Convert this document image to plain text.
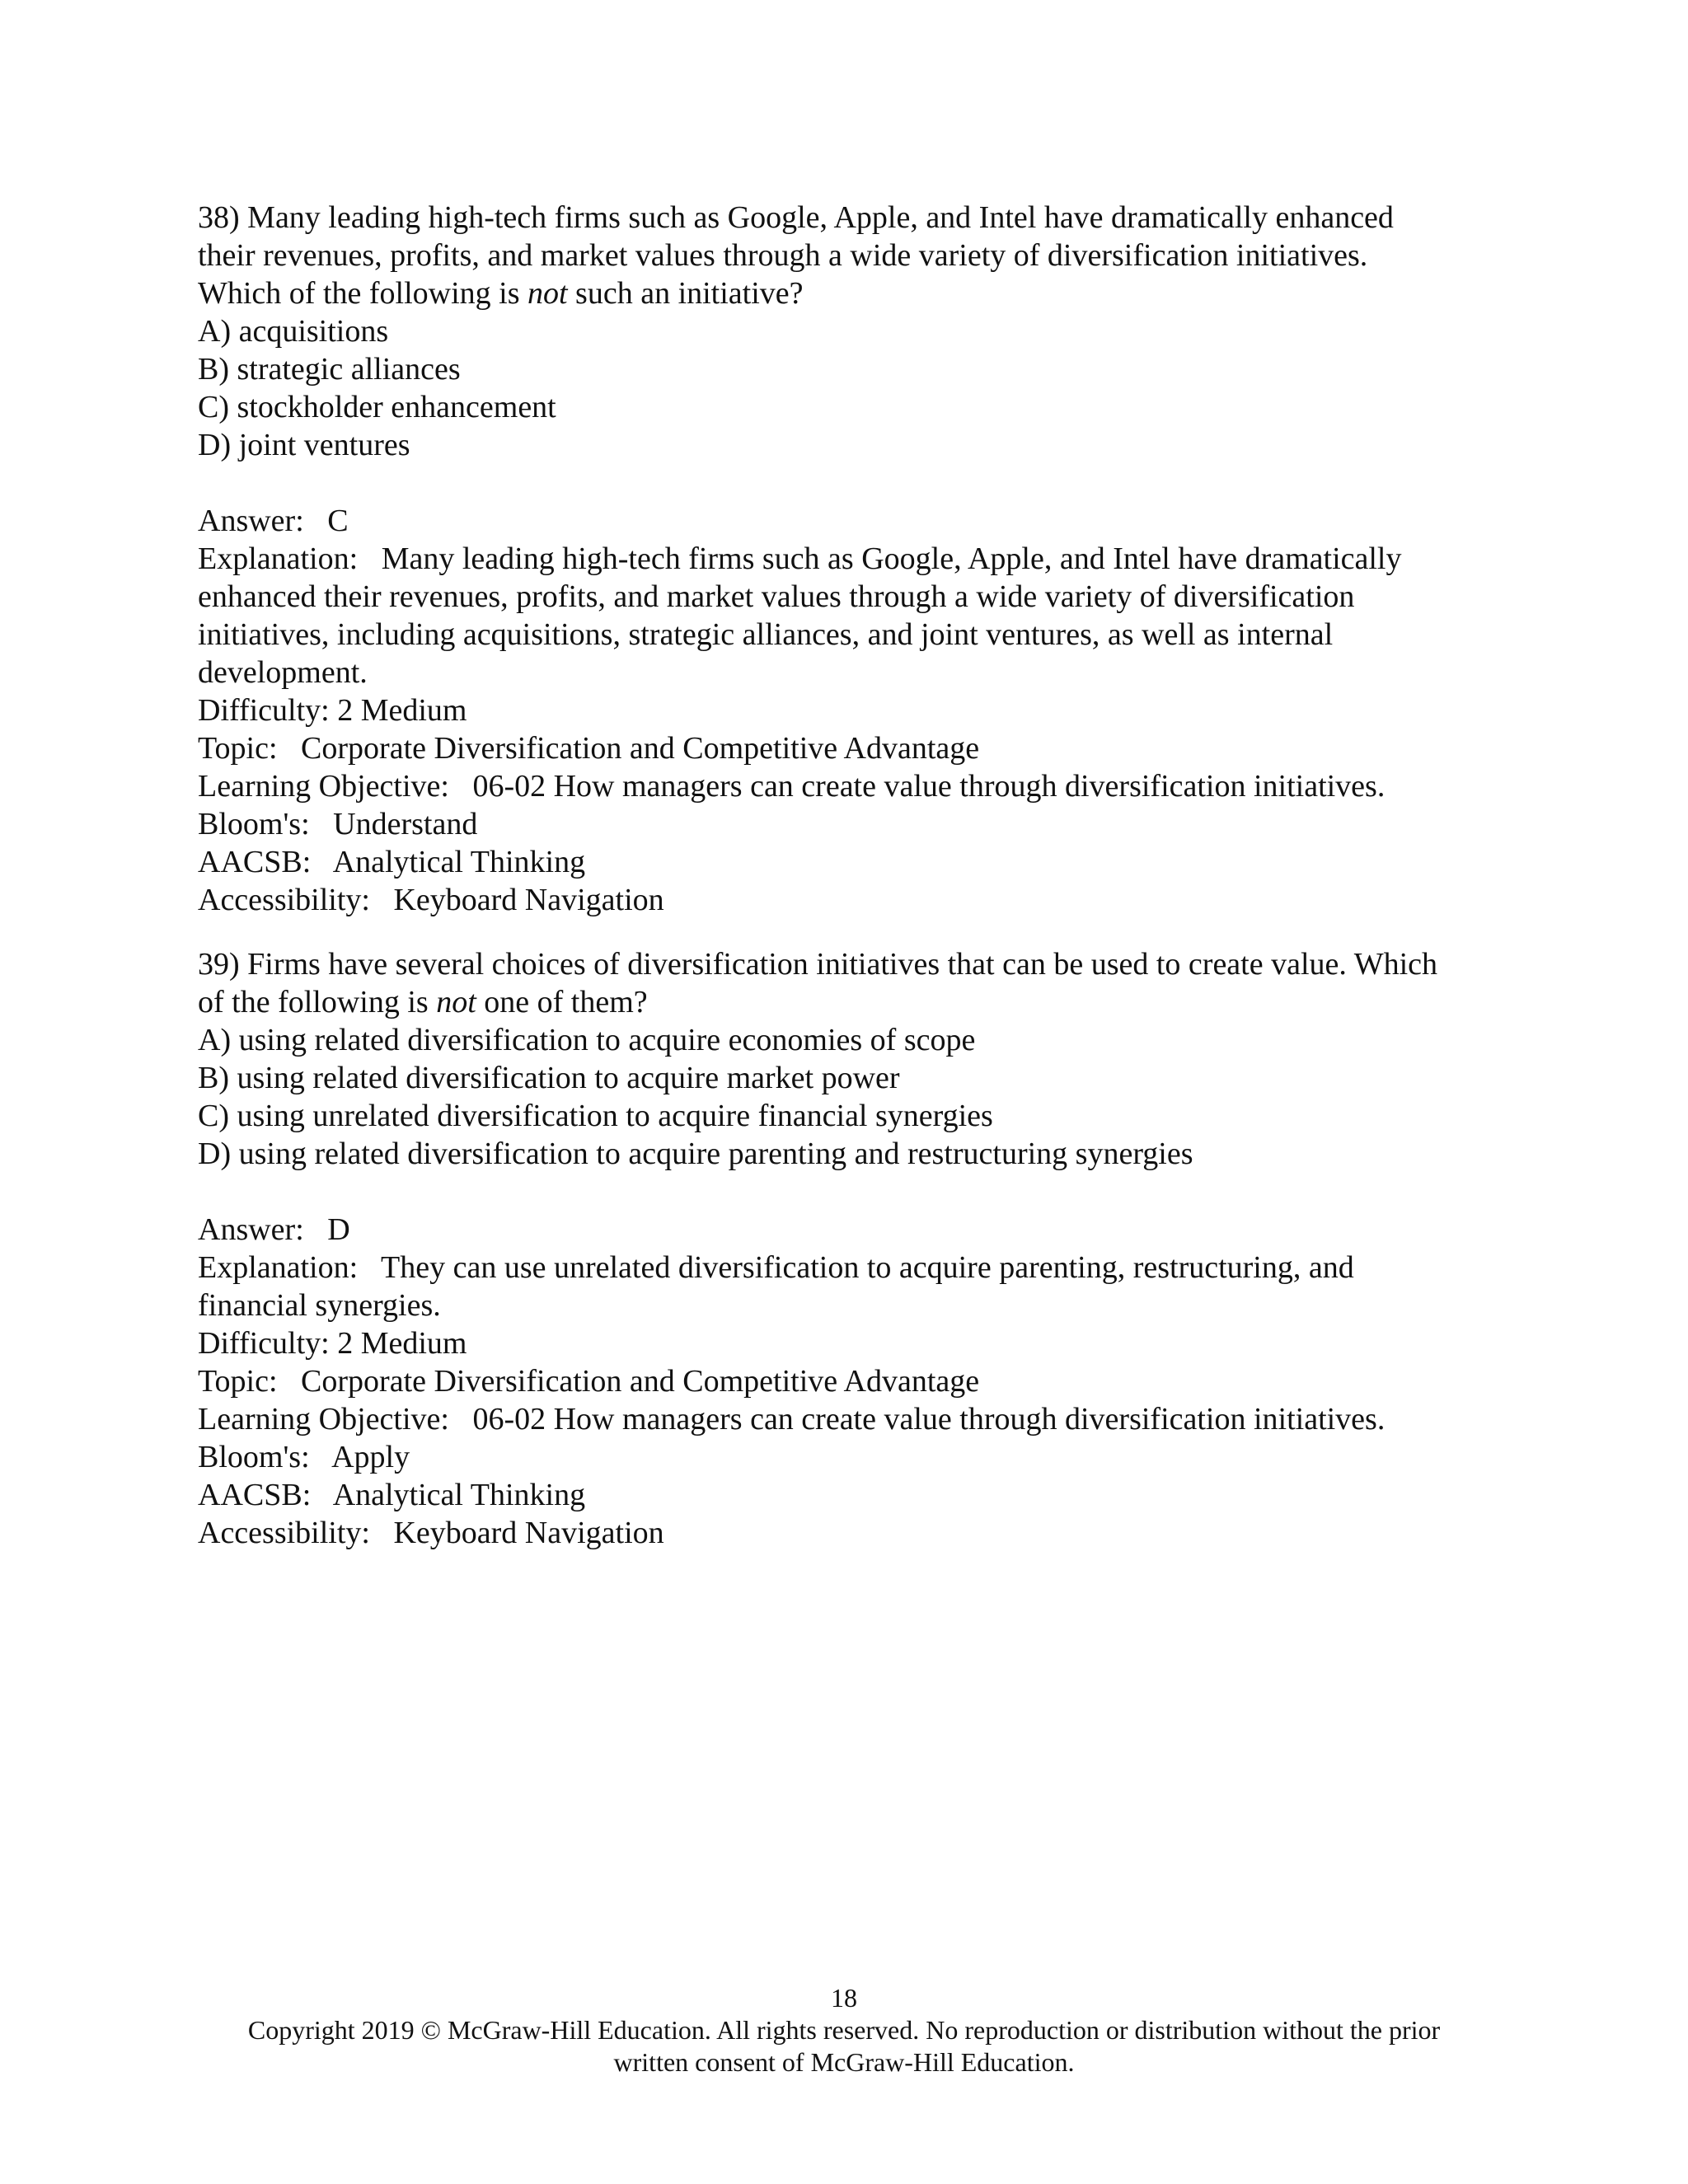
38) Many leading high-tech firms such as Google, Apple, and Intel have dramatically enhanced

their revenues, profits, and market values through a wide variety of diversification initiatives.

Which of the following is not such an initiative?

A) acquisitions

B) strategic alliances

C) stockholder enhancement

D) joint ventures

Answer: C

Explanation: Many leading high-tech firms such as Google, Apple, and Intel have dramatically

enhanced their revenues, profits, and market values through a wide variety of diversification

initiatives, including acquisitions, strategic alliances, and joint ventures, as well as internal

development.

Difficulty: 2 Medium

Topic: Corporate Diversification and Competitive Advantage

Learning Objective: 06-02 How managers can create value through diversification initiatives.

Bloom's: Understand

AACSB: Analytical Thinking

Accessibility: Keyboard Navigation

39) Firms have several choices of diversification initiatives that can be used to create value. Which

of the following is not one of them?

A) using related diversification to acquire economies of scope

B) using related diversification to acquire market power

C) using unrelated diversification to acquire financial synergies

D) using related diversification to acquire parenting and restructuring synergies

Answer: D

Explanation: They can use unrelated diversification to acquire parenting, restructuring, and

financial synergies.

Difficulty: 2 Medium

Topic: Corporate Diversification and Competitive Advantage

Learning Objective: 06-02 How managers can create value through diversification initiatives.

Bloom's: Apply

AACSB: Analytical Thinking

Accessibility: Keyboard Navigation

18
Copyright 2019 © McGraw-Hill Education. All rights reserved. No reproduction or distribution without the prior
written consent of McGraw-Hill Education.
